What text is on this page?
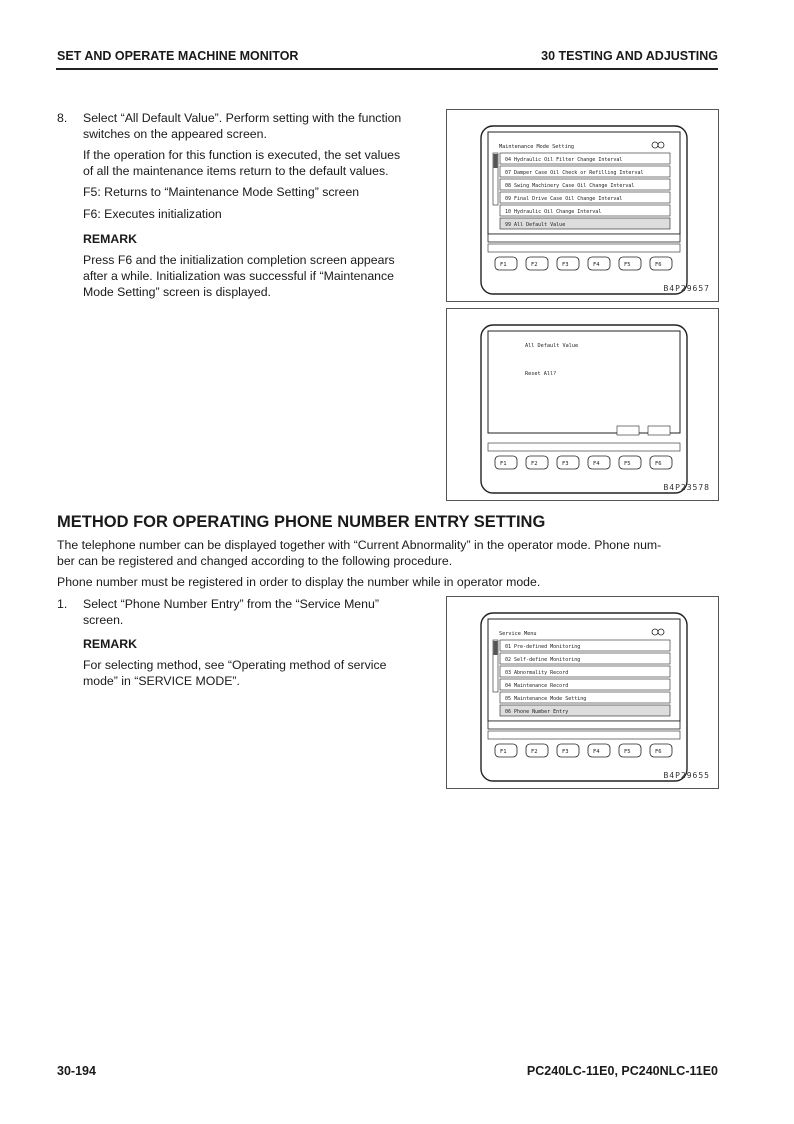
SET AND OPERATE MACHINE MONITOR	30 TESTING AND ADJUSTING
8. Select “All Default Value”. Perform setting with the function
switches on the appeared screen.
If the operation for this function is executed, the set values
of all the maintenance items return to the default values.
F5: Returns to “Maintenance Mode Setting” screen
F6: Executes initialization
REMARK
Press F6 and the initialization completion screen appears
after a while. Initialization was successful if “Maintenance
Mode Setting” screen is displayed.
Maintenance Mode Setting
04 Hydraulic Oil Filter Change Interval
07 Damper Case Oil Check or Refilling Interval
08 Swing Machinery Case Oil Change Interval
09 Final Drive Case Oil Change Interval
10 Hydraulic Oil Change Interval
99 All Default Value
F1	F2	F3	F4	F5	F6
B4P29657
All Default Value
Reset All?
F1	F2	F3	F4	F5	F6
B4P23578
METHOD FOR OPERATING PHONE NUMBER ENTRY SETTING
The telephone number can be displayed together with “Current Abnormality” in the operator mode. Phone num-
ber can be registered and changed according to the following procedure.
Phone number must be registered in order to display the number while in operator mode.
1. Select “Phone Number Entry” from the “Service Menu”
screen.
REMARK
For selecting method, see “Operating method of service
mode” in “SERVICE MODE”.
Service Menu
01 Pre-defined Monitoring
02 Self-define Monitoring
03 Abnormality Record
04 Maintenance Record
05 Maintenance Mode Setting
06 Phone Number Entry
F1	F2	F3	F4	F5	F6
B4P29655
30-194	PC240LC-11E0, PC240NLC-11E0
